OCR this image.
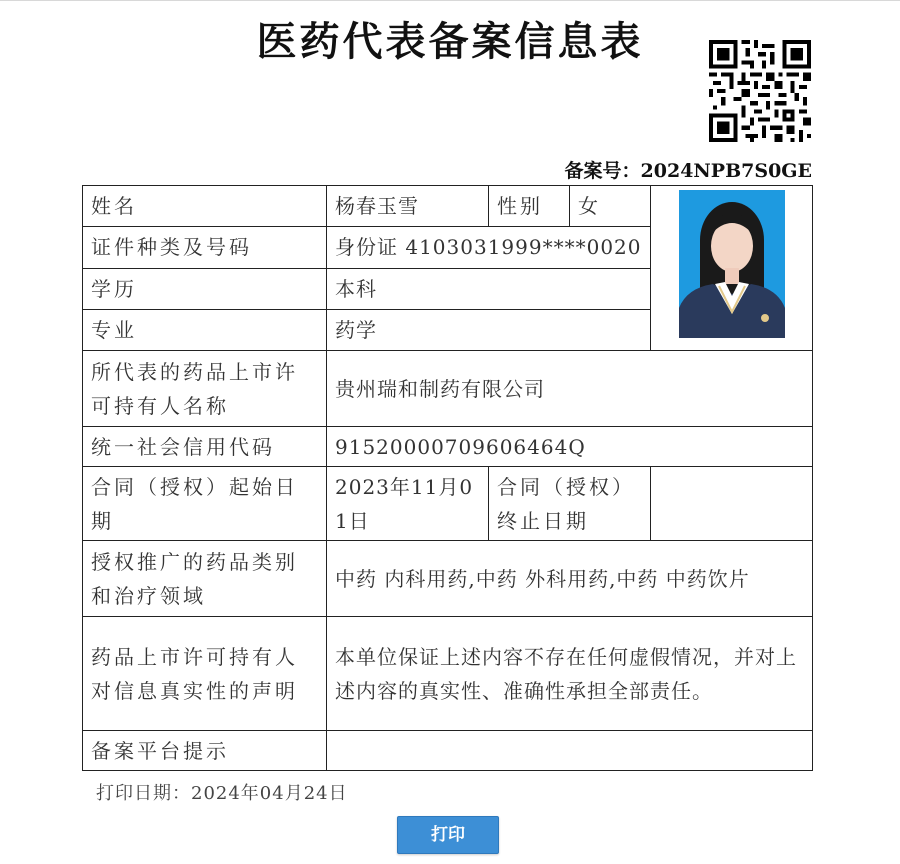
医药代表备案信息表
备案号：2024NPB7S0GE
姓名	杨春玉雪	性别	女	
证件种类及号码	身份证 4103031999****0020			
学历	本科			
专业	药学			
所代表的药品上市许可持有人名称	贵州瑞和制药有限公司			
统一社会信用代码	91520000709606464Q			
合同（授权）起始日期	2023年11月01日	合同（授权）终止日期		
授权推广的药品类别和治疗领域	中药 内科用药,中药 外科用药,中药 中药饮片			
药品上市许可持有人对信息真实性的声明	本单位保证上述内容不存在任何虚假情况，并对上述内容的真实性、准确性承担全部责任。			
备案平台提示				
打印日期：2024年04月24日
打印
